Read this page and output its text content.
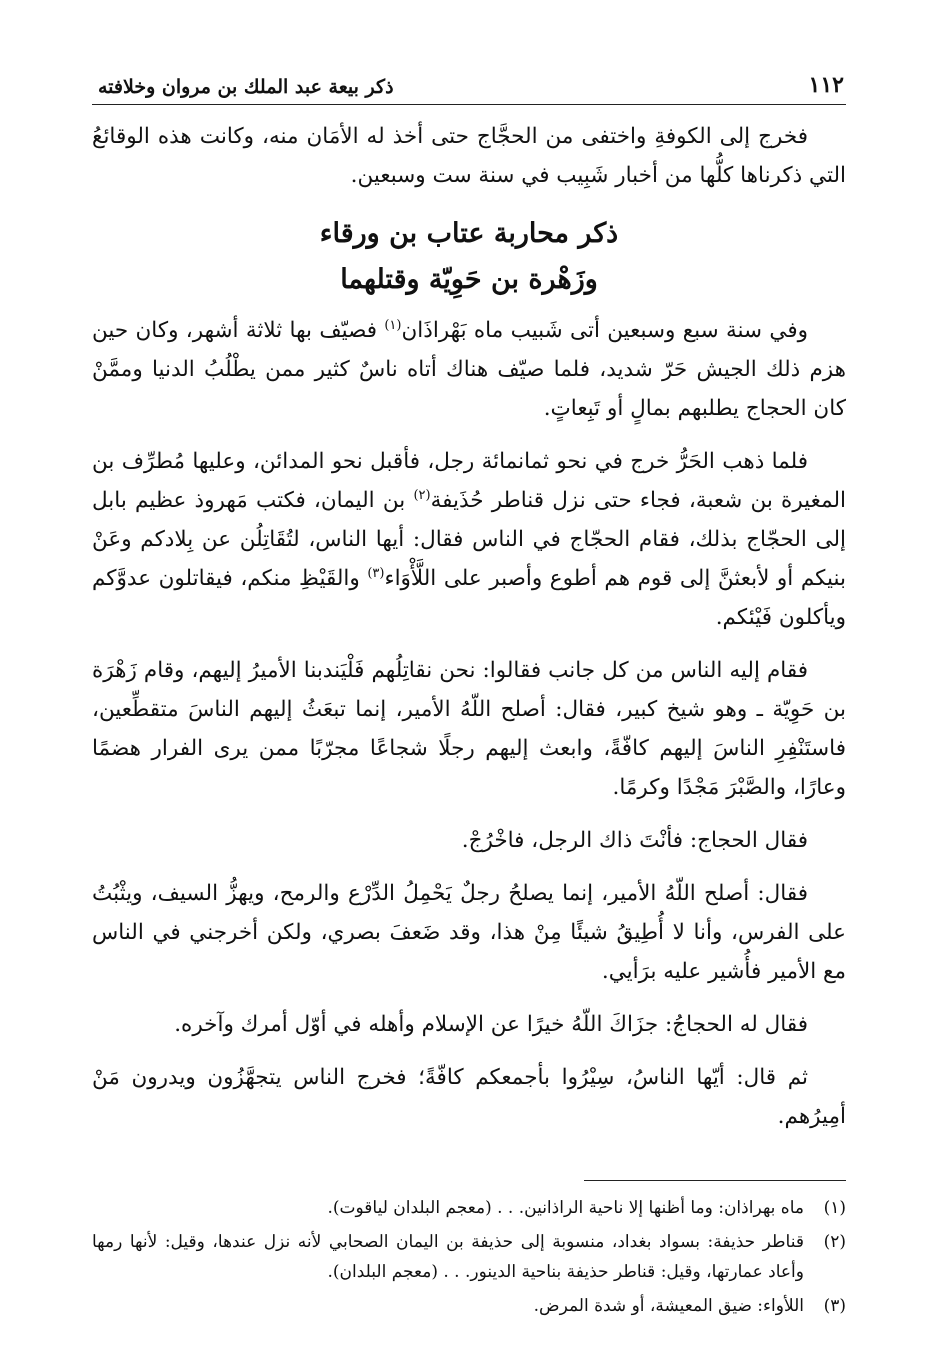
١١٢
ذكر بيعة عبد الملك بن مروان وخلافته

فخرج إلى الكوفةِ واختفى من الحجَّاج حتى أخذ له الأمَان منه، وكانت هذه الوقائعُ التي ذكرناها كلُّها من أخبار شَبِيب في سنة ست وسبعين.

ذكر محاربة عتاب بن ورقاء
وزَهْرة بن حَوِيّة وقتلهما

وفي سنة سبع وسبعين أتى شَبيب ماه بَهْراذَان$^{(١)}$ فصيّف بها ثلاثة أشهر، وكان حين هزم ذلك الجيش حَرّ شديد، فلما صيّف هناك أتاه ناسٌ كثير ممن يطْلُبُ الدنيا وممَّنْ كان الحجاج يطلبهم بمالٍ أو تَبِعاتٍ.

فلما ذهب الحَرُّ خرج في نحو ثمانمائة رجل، فأقبل نحو المدائن، وعليها مُطرِّف بن المغيرة بن شعبة، فجاء حتى نزل قناطر حُذَيفة$^{(٢)}$ بن اليمان، فكتب مَهروذ عظيم بابل إلى الحجّاج بذلك، فقام الحجّاج في الناس فقال: أيها الناس، لتُقَاتِلُن عن بِلادكم وعَنْ بنيكم أو لأبعثنَّ إلى قوم هم أطوع وأصبر على اللَّأْوَاء$^{(٣)}$ والقَيْظِ منكم، فيقاتلون عدوَّكم ويأكلون فَيْئكم.

فقام إليه الناس من كل جانب فقالوا: نحن نقاتِلُهم فَلْيَندبنا الأميرُ إليهم، وقام زَهْرَة بن حَوِيّة ـ وهو شيخ كبير، فقال: أصلح اللّهُ الأمير، إنما تبعَثُ إليهم الناسَ متقطِّعين، فاستَنْفِرِ الناسَ إليهم كافّةً، وابعث إليهم رجلًا شجاعًا مجرّبًا ممن يرى الفرار هضمًا وعارًا، والصَّبْرَ مَجْدًا وكرمًا.

فقال الحجاج: فأنْتَ ذاك الرجل، فاخْرُجْ.

فقال: أصلح اللّهُ الأمير، إنما يصلحُ رجلٌ يَحْمِلُ الدِّرْع والرمح، ويهزُّ السيف، ويثْبُتُ على الفرس، وأنا لا أُطِيقُ شيئًا مِنْ هذا، وقد ضَعفَ بصري، ولكن أخرجني في الناس مع الأمير فأُشير عليه برَأيي.

فقال له الحجاجُ: جزَاكَ اللّهُ خيرًا عن الإسلام وأهله في أوّل أمرك وآخره.

ثم قال: أيّها الناسُ، سِيْرُوا بأجمعكم كافّةً؛ فخرج الناس يتجهَّزُون ويدرون مَنْ أمِيرُهم.

(١)
ماه بهراذان: وما أظنها إلا ناحية الراذانين. . . (معجم البلدان لياقوت).
(٢)
قناطر حذيفة: بسواد بغداد، منسوبة إلى حذيفة بن اليمان الصحابي لأنه نزل عندها، وقيل: لأنها رمها وأعاد عمارتها، وقيل: قناطر حذيفة بناحية الدينور. . . (معجم البلدان).
(٣)
اللأواء: ضيق المعيشة، أو شدة المرض.
